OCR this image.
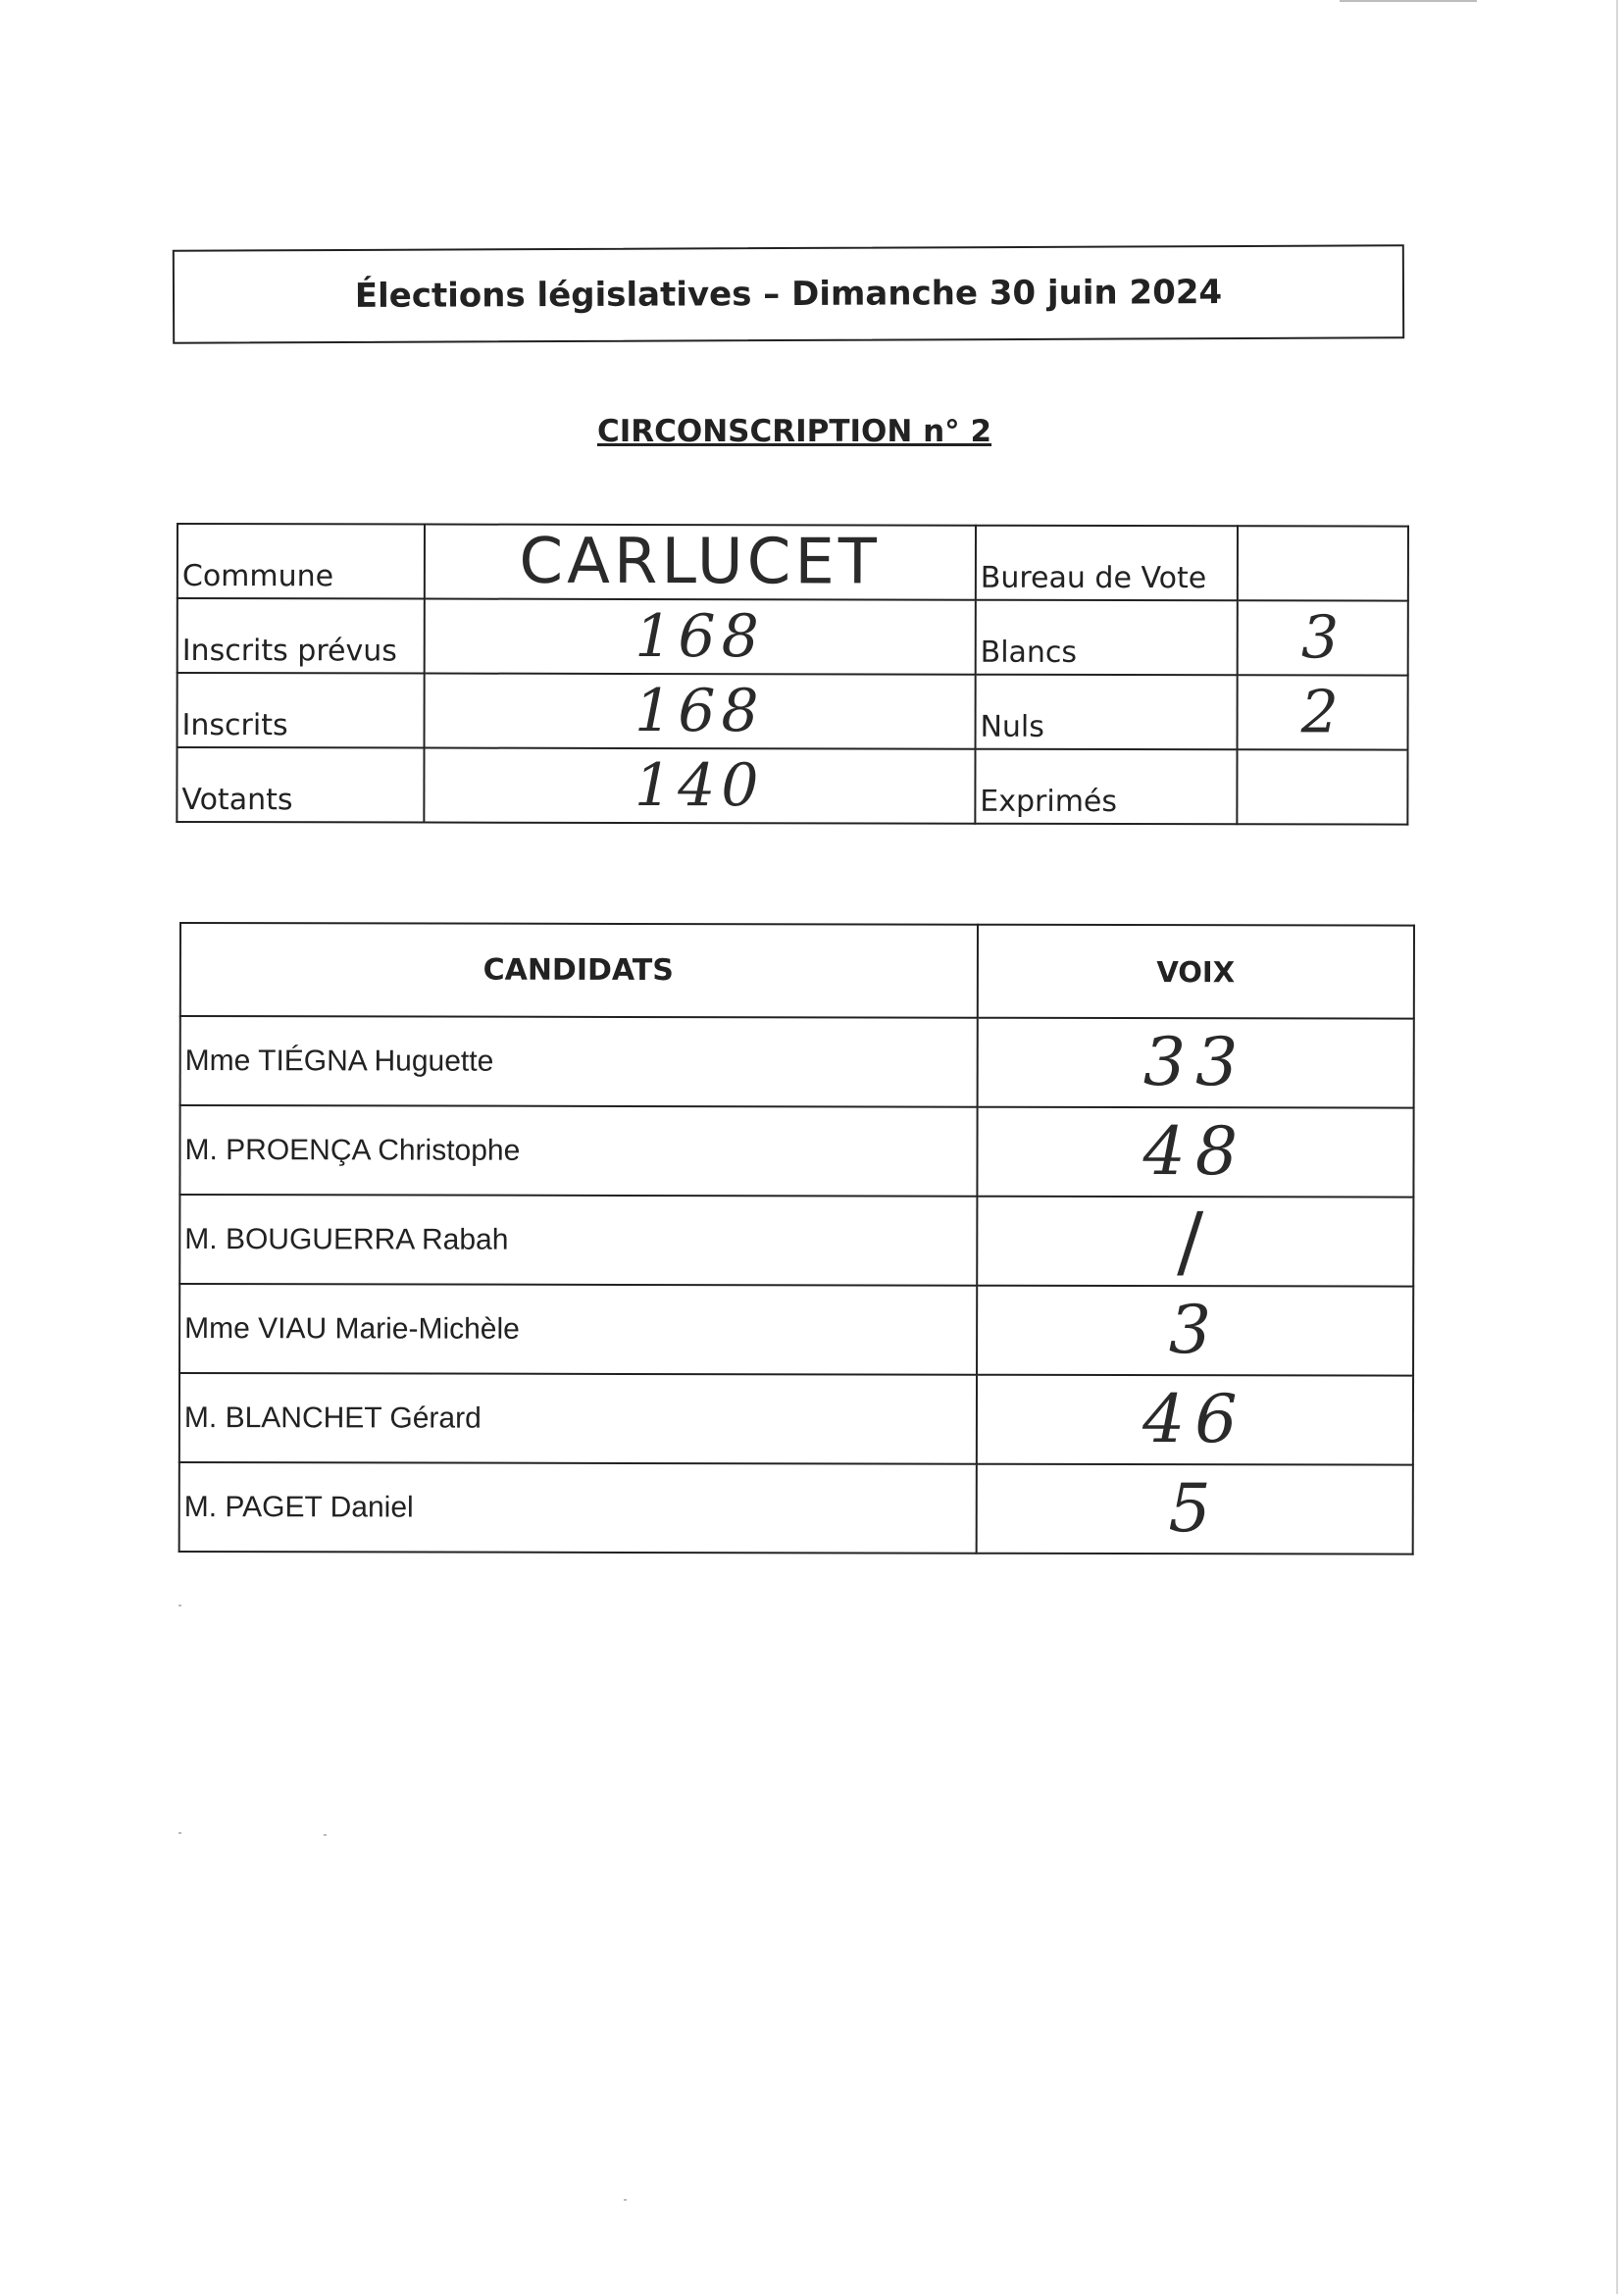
Élections législatives – Dimanche 30 juin 2024
CIRCONSCRIPTION n° 2
Commune	CARLUCET	Bureau de Vote	
Inscrits prévus	168	Blancs	3
Inscrits	168	Nuls	2
Votants	140	Exprimés	
CANDIDATS	VOIX
Mme TIÉGNA Huguette	33
M. PROENÇA Christophe	48
M. BOUGUERRA Rabah	/
Mme VIAU Marie-Michèle	3
M. BLANCHET Gérard	46
M. PAGET Daniel	5
